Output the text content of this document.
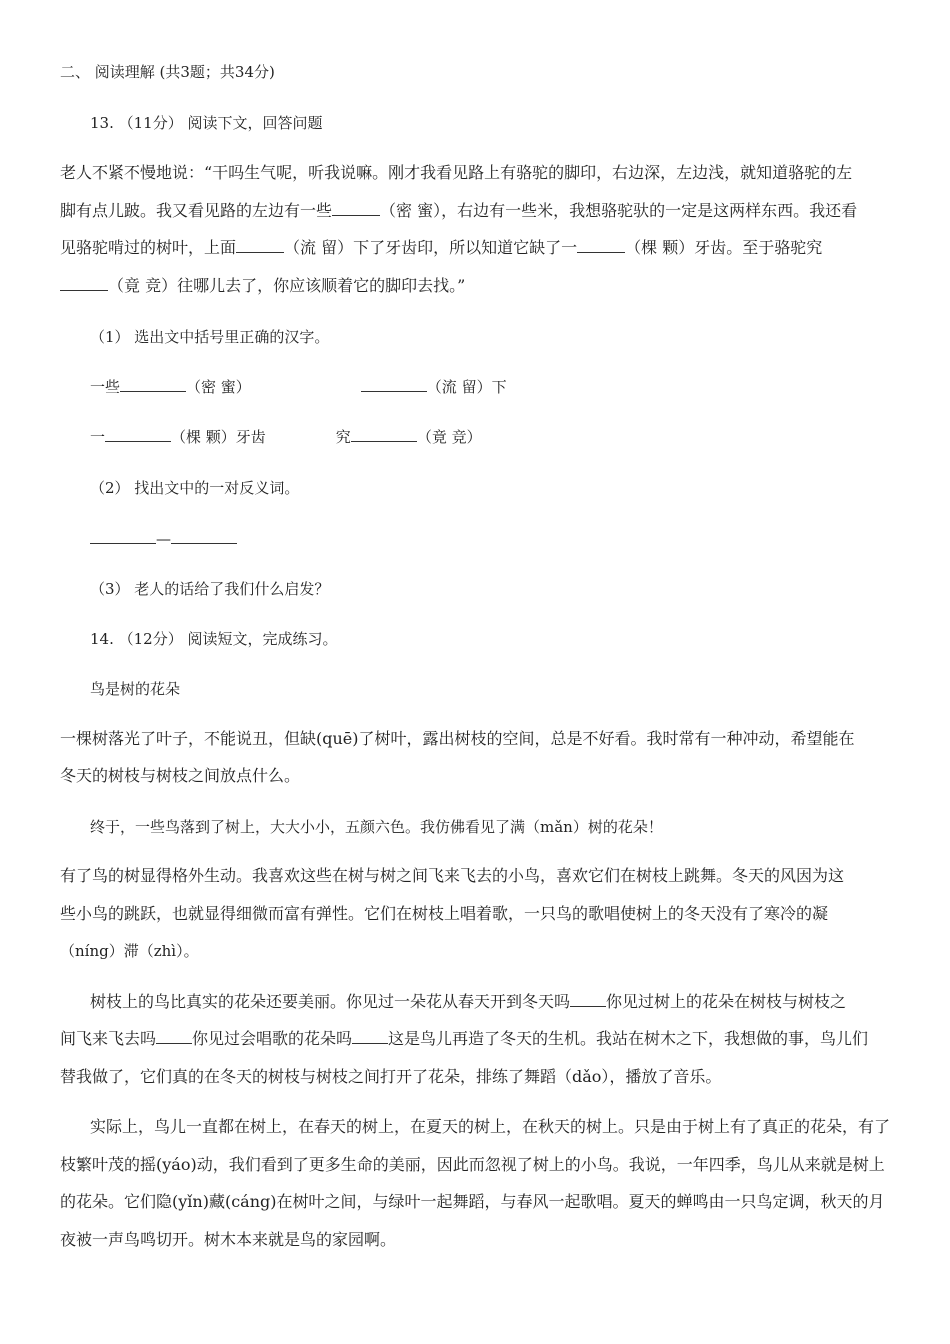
二、 阅读理解 (共3题；共34分)
13. （11分） 阅读下文，回答问题
老人不紧不慢地说：“干吗生气呢，听我说嘛。刚才我看见路上有骆驼的脚印，右边深，左边浅，就知道骆驼的左
脚有点儿跛。我又看见路的左边有一些	（密 蜜），右边有一些米，我想骆驼驮的一定是这两样东西。我还看
见骆驼啃过的树叶，上面	（流 留）下了牙齿印，所以知道它缺了一	（棵 颗）牙齿。至于骆驼究
（竟 竞）往哪儿去了，你应该顺着它的脚印去找。”
（1） 选出文中括号里正确的汉字。
一些	（密 蜜）	（流 留）下
一	（棵 颗）牙齿	究	（竟 竞）
（2） 找出文中的一对反义词。
—
（3） 老人的话给了我们什么启发？
14. （12分） 阅读短文，完成练习。
鸟是树的花朵
一棵树落光了叶子，不能说丑，但缺(quē)了树叶，露出树枝的空间，总是不好看。我时常有一种冲动，希望能在
冬天的树枝与树枝之间放点什么。
终于，一些鸟落到了树上，大大小小，五颜六色。我仿佛看见了满（mǎn）树的花朵！
有了鸟的树显得格外生动。我喜欢这些在树与树之间飞来飞去的小鸟，喜欢它们在树枝上跳舞。冬天的风因为这
些小鸟的跳跃，也就显得细微而富有弹性。它们在树枝上唱着歌，一只鸟的歌唱使树上的冬天没有了寒冷的凝
（níng）滞（zhì）。
树枝上的鸟比真实的花朵还要美丽。你见过一朵花从春天开到冬天吗 你见过树上的花朵在树枝与树枝之
间飞来飞去吗 你见过会唱歌的花朵吗 这是鸟儿再造了冬天的生机。我站在树木之下，我想做的事，鸟儿们
替我做了，它们真的在冬天的树枝与树枝之间打开了花朵，排练了舞蹈（dǎo），播放了音乐。
实际上，鸟儿一直都在树上，在春天的树上，在夏天的树上，在秋天的树上。只是由于树上有了真正的花朵，有了
枝繁叶茂的摇(yáo)动，我们看到了更多生命的美丽，因此而忽视了树上的小鸟。我说，一年四季，鸟儿从来就是树上
的花朵。它们隐(yǐn)藏(cáng)在树叶之间，与绿叶一起舞蹈，与春风一起歌唱。夏天的蝉鸣由一只鸟定调，秋天的月
夜被一声鸟鸣切开。树木本来就是鸟的家园啊。
